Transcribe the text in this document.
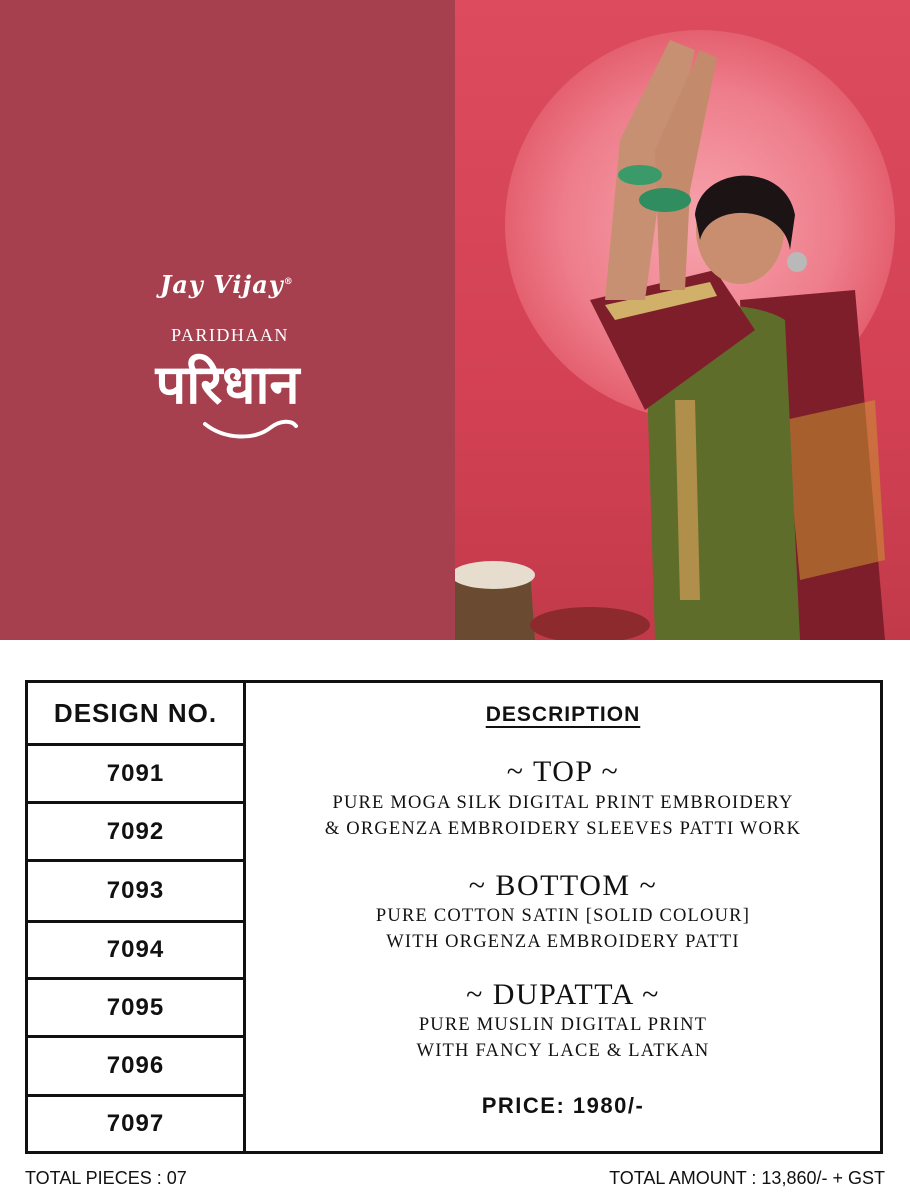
Jay Vijay®
PARIDHAAN
परिधान
DESIGN NO.
7091
7092
7093
7094
7095
7096
7097
DESCRIPTION
~ TOP ~
PURE MOGA SILK DIGITAL PRINT EMBROIDERY
& ORGENZA EMBROIDERY SLEEVES PATTI WORK
~ BOTTOM ~
PURE COTTON SATIN [SOLID COLOUR]
WITH ORGENZA EMBROIDERY PATTI
~ DUPATTA ~
PURE MUSLIN DIGITAL PRINT
WITH FANCY LACE & LATKAN
PRICE: 1980/-
TOTAL PIECES : 07	TOTAL AMOUNT : 13,860/- + GST
